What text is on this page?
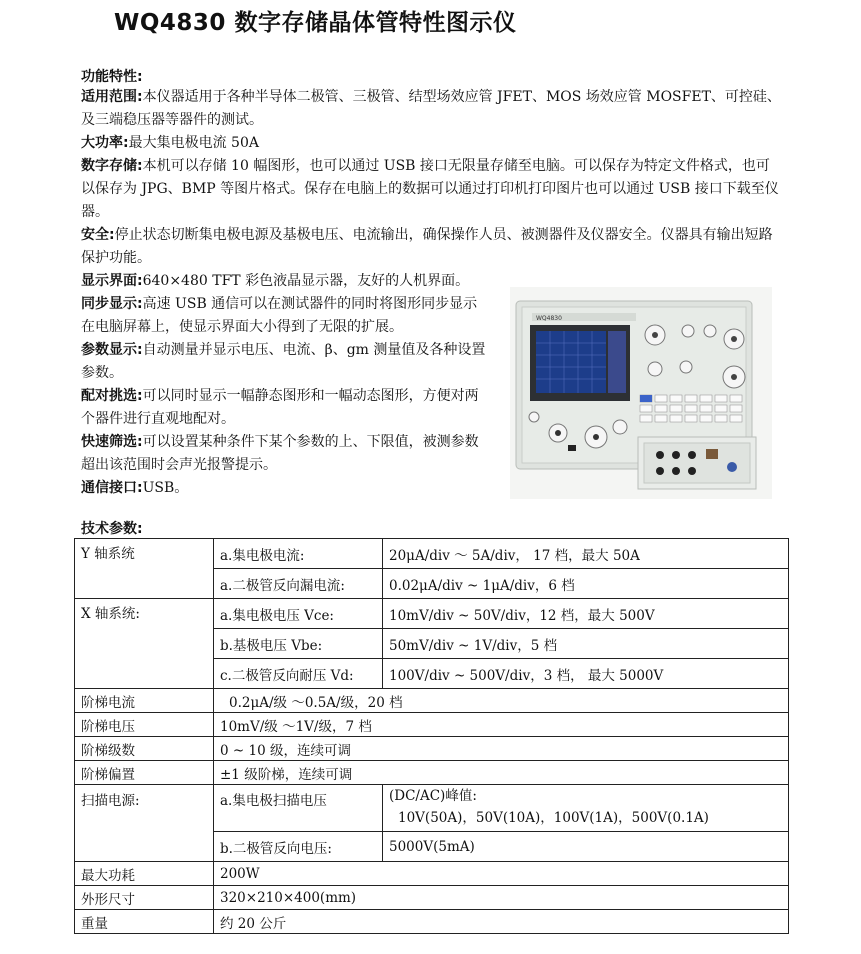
WQ4830 数字存储晶体管特性图示仪
功能特性:
适用范围:本仪器适用于各种半导体二极管、三极管、结型场效应管 JFET、MOS 场效应管 MOSFET、可控硅、及三端稳压器等器件的测试。
大功率:最大集电极电流 50A
数字存储:本机可以存储 10 幅图形，也可以通过 USB 接口无限量存储至电脑。可以保存为特定文件格式，也可以保存为 JPG、BMP 等图片格式。保存在电脑上的数据可以通过打印机打印图片也可以通过 USB 接口下载至仪器。
安全:停止状态切断集电极电源及基极电压、电流输出，确保操作人员、被测器件及仪器安全。仪器具有输出短路保护功能。
显示界面:640×480 TFT 彩色液晶显示器，友好的人机界面。
同步显示:高速 USB 通信可以在测试器件的同时将图形同步显示在电脑屏幕上，使显示界面大小得到了无限的扩展。
参数显示:自动测量并显示电压、电流、β、gm 测量值及各种设置参数。
配对挑选:可以同时显示一幅静态图形和一幅动态图形，方便对两个器件进行直观地配对。
快速筛选:可以设置某种条件下某个参数的上、下限值，被测参数超出该范围时会声光报警提示。
通信接口:USB。
WQ4830
技术参数:
Y 轴系统	a.集电极电流:	20μA/div ～ 5A/div， 17 档，最大 50A
	a.二极管反向漏电流:	0.02μA/div ~ 1μA/div，6 档
X 轴系统:	a.集电极电压 Vce:	10mV/div ~ 50V/div，12 档，最大 500V
	b.基极电压 Vbe:	50mV/div ~ 1V/div，5 档
	c.二极管反向耐压 Vd:	100V/div ~ 500V/div，3 档， 最大 5000V
阶梯电流	0.2μA/级 ～0.5A/级，20 档	
阶梯电压	10mV/级 ～1V/级，7 档	
阶梯级数	0 ~ 10 级，连续可调	
阶梯偏置	±1 级阶梯，连续可调	
扫描电源:	a.集电极扫描电压	(DC/AC)峰值:
10V(50A)，50V(10A)，100V(1A)，500V(0.1A)
	b.二极管反向电压:	5000V(5mA)
最大功耗	200W	
外形尺寸	320×210×400(mm)	
重量	约 20 公斤	
